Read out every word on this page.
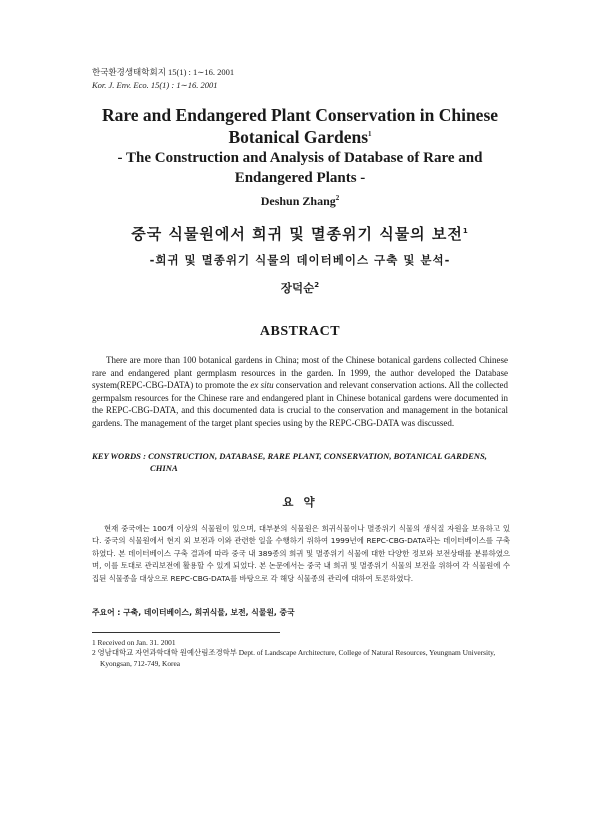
한국환경생태학회지 15(1) : 1∼16. 2001
Kor. J. Env. Eco. 15(1) : 1∼16. 2001
Rare and Endangered Plant Conservation in Chinese
Botanical Gardens$^1$
- The Construction and Analysis of Database of Rare and
Endangered Plants -
Deshun Zhang$^2$
중국 식물원에서 희귀 및 멸종위기 식물의 보전$^1$
-희귀 및 멸종위기 식물의 데이터베이스 구축 및 분석-
장덕순$^2$
ABSTRACT

There are more than 100 botanical gardens in China; most of the Chinese botanical gardens collected Chinese rare and endangered plant germplasm resources in the garden. In 1999, the author developed the Database system(REPC-CBG-DATA) to promote the ex situ conservation and relevant conservation actions. All the collected germpalsm resources for the Chinese rare and endangered plant in Chinese botanical gardens were documented in the REPC-CBG-DATA, and this documented data is crucial to the conservation and management in the botanical gardens. The management of the target plant species using by the REPC-CBG-DATA was discussed.

KEY WORDS : CONSTRUCTION, DATABASE, RARE PLANT, CONSERVATION, BOTANICAL GARDENS,
CHINA
요 약

현재 중국에는 100개 이상의 식물원이 있으며, 대부분의 식물원은 희귀식물이나 멸종위기 식물의 생식질 자원을 보유하고 있다. 중국의 식물원에서 현지 외 보전과 이와 관련한 일을 수행하기 위하여 1999년에 REPC-CBG-DATA라는 데이터베이스를 구축하였다. 본 데이터베이스 구축 결과에 따라 중국 내 389종의 희귀 및 멸종위기 식물에 대한 다양한 정보와 보전상태를 분류하였으며, 이를 토대로 관리보전에 활용할 수 있게 되었다. 본 논문에서는 중국 내 희귀 및 멸종위기 식물의 보전을 위하여 각 식물원에 수집된 식물종을 대상으로 REPC-CBG-DATA를 바탕으로 각 해당 식물종의 관리에 대하여 토론하였다.

주요어 : 구축, 데이터베이스, 희귀식물, 보전, 식물원, 중국
1 Received on Jan. 31. 2001
2 영남대학교 자연과학대학 원예산림조경학부 Dept. of Landscape Architecture, College of Natural Resources, Yeungnam University, Kyongsan, 712-749, Korea
